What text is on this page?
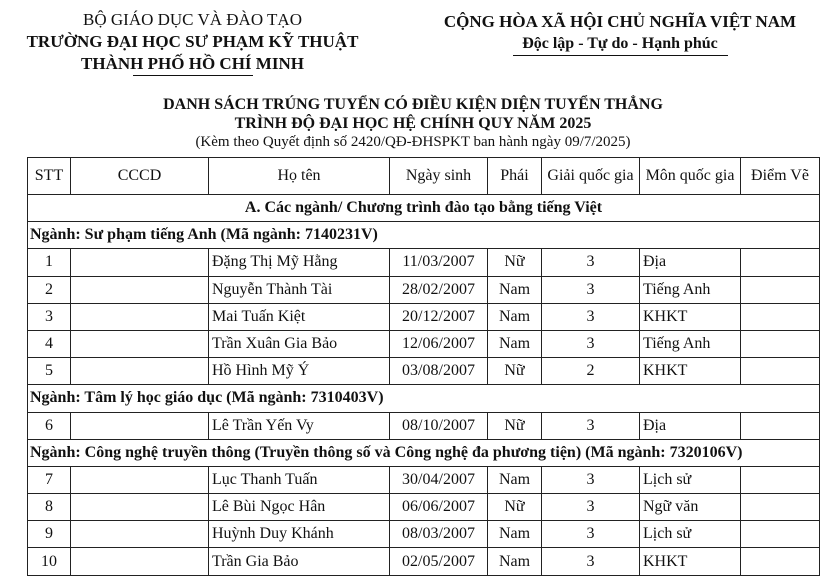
BỘ GIÁO DỤC VÀ ĐÀO TẠO
TRƯỜNG ĐẠI HỌC SƯ PHẠM KỸ THUẬT
THÀNH PHỐ HỒ CHÍ MINH
CỘNG HÒA XÃ HỘI CHỦ NGHĨA VIỆT NAM
Độc lập - Tự do - Hạnh phúc
DANH SÁCH TRÚNG TUYỂN CÓ ĐIỀU KIỆN DIỆN TUYỂN THẲNG
TRÌNH ĐỘ ĐẠI HỌC HỆ CHÍNH QUY NĂM 2025
(Kèm theo Quyết định số 2420/QĐ-ĐHSPKT ban hành ngày 09/7/2025)
STT	CCCD	Họ tên	Ngày sinh	Phái	Giải quốc gia	Môn quốc gia	Điểm Vẽ
A. Các ngành/ Chương trình đào tạo bằng tiếng Việt							
Ngành: Sư phạm tiếng Anh (Mã ngành: 7140231V)							
1		Đặng Thị Mỹ Hằng	11/03/2007	Nữ	3	Địa	
2		Nguyễn Thành Tài	28/02/2007	Nam	3	Tiếng Anh	
3		Mai Tuấn Kiệt	20/12/2007	Nam	3	KHKT	
4		Trần Xuân Gia Bảo	12/06/2007	Nam	3	Tiếng Anh	
5		Hồ Hình Mỹ Ý	03/08/2007	Nữ	2	KHKT	
Ngành: Tâm lý học giáo dục (Mã ngành: 7310403V)							
6		Lê Trần Yến Vy	08/10/2007	Nữ	3	Địa	
Ngành: Công nghệ truyền thông (Truyền thông số và Công nghệ đa phương tiện) (Mã ngành: 7320106V)							
7		Lục Thanh Tuấn	30/04/2007	Nam	3	Lịch sử	
8		Lê Bùi Ngọc Hân	06/06/2007	Nữ	3	Ngữ văn	
9		Huỳnh Duy Khánh	08/03/2007	Nam	3	Lịch sử	
10		Trần Gia Bảo	02/05/2007	Nam	3	KHKT	
